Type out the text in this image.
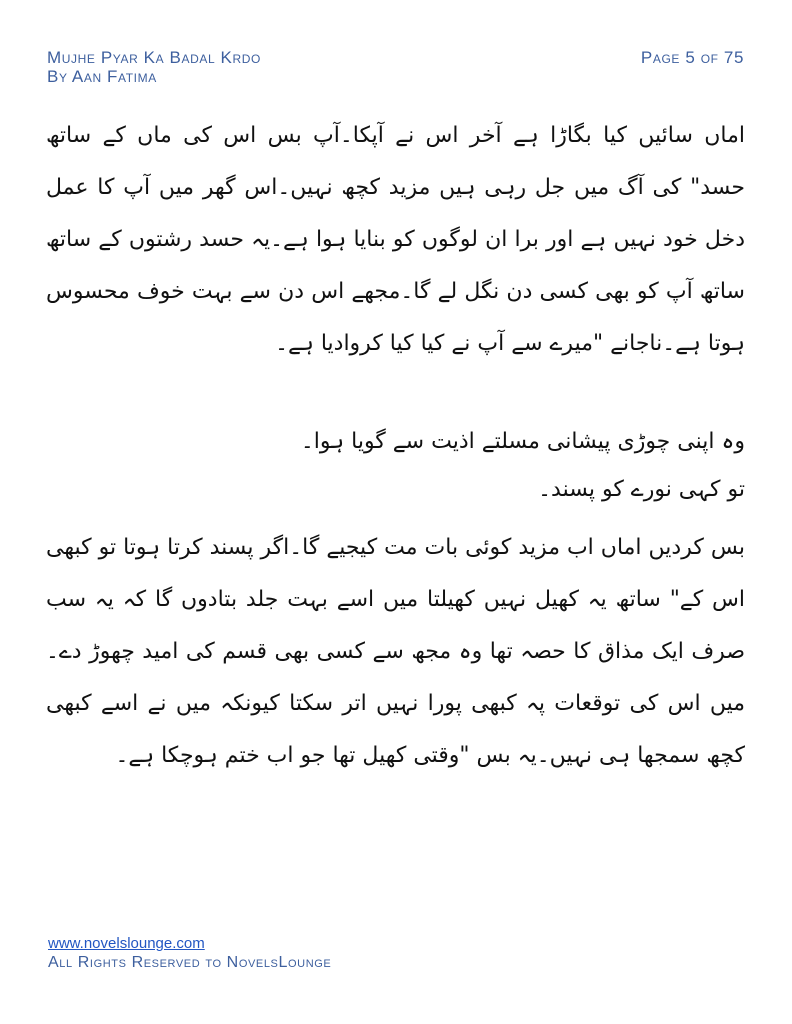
Mujhe Pyar Ka Badal Krdo
By Aan Fatima
Page 5 of 75

اماں سائیں کیا بگاڑا ہے آخر اس نے آپکا۔آپ بس اس کی ماں کے ساتھ حسد" کی آگ میں جل رہی ہیں مزید کچھ نہیں۔اس گھر میں آپ کا عمل دخل خود نہیں ہے اور برا ان لوگوں کو بنایا ہوا ہے۔یہ حسد رشتوں کے ساتھ ساتھ آپ کو بھی کسی دن نگل لے گا۔مجھے اس دن سے بہت خوف محسوس ہوتا ہے۔ناجانے "میرے سے آپ نے کیا کیا کروادیا ہے۔

وہ اپنی چوڑی پیشانی مسلتے اذیت سے گویا ہوا۔

تو کہی نورے کو پسند۔

بس کردیں اماں اب مزید کوئی بات مت کیجیے گا۔اگر پسند کرتا ہوتا تو کبھی اس کے" ساتھ یہ کھیل نہیں کھیلتا میں اسے بہت جلد بتادوں گا کہ یہ سب صرف ایک مذاق کا حصہ تھا وہ مجھ سے کسی بھی قسم کی امید چھوڑ دے۔میں اس کی توقعات پہ کبھی پورا نہیں اتر سکتا کیونکہ میں نے اسے کبھی کچھ سمجھا ہی نہیں۔یہ بس "وقتی کھیل تھا جو اب ختم ہوچکا ہے۔

www.novelslounge.com
All Rights Reserved to NovelsLounge
